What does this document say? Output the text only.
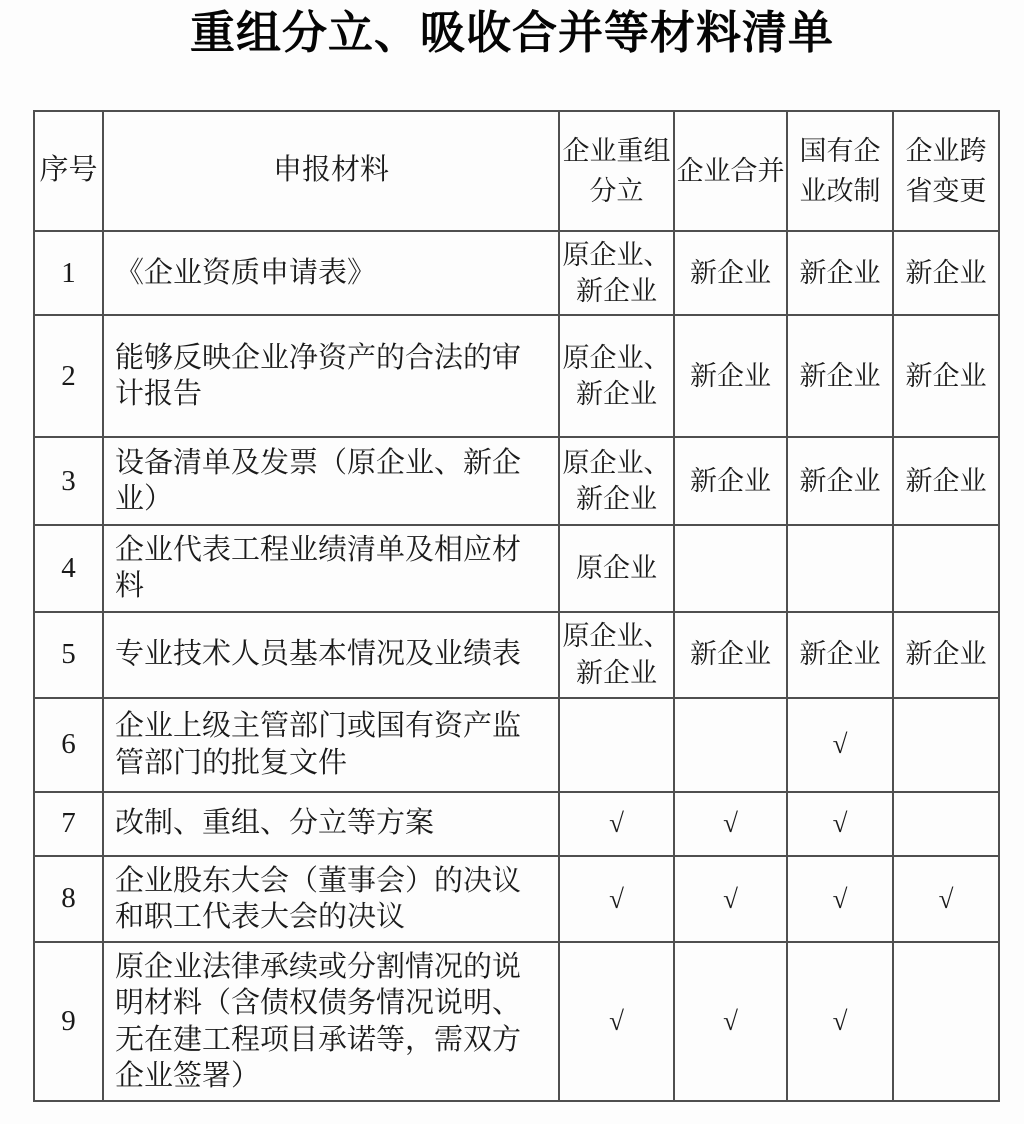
重组分立、吸收合并等材料清单
序号	申报材料	企业重组分立	企业合并	国有企业改制	企业跨省变更
1	《企业资质申请表》	原企业、新企业	新企业	新企业	新企业
2	能够反映企业净资产的合法的审计报告	原企业、新企业	新企业	新企业	新企业
3	设备清单及发票（原企业、新企业）	原企业、新企业	新企业	新企业	新企业
4	企业代表工程业绩清单及相应材料	原企业			
5	专业技术人员基本情况及业绩表	原企业、新企业	新企业	新企业	新企业
6	企业上级主管部门或国有资产监管部门的批复文件			√	
7	改制、重组、分立等方案	√	√	√	
8	企业股东大会（董事会）的决议和职工代表大会的决议	√	√	√	√
9	原企业法律承续或分割情况的说明材料（含债权债务情况说明、无在建工程项目承诺等，需双方企业签署）	√	√	√	
